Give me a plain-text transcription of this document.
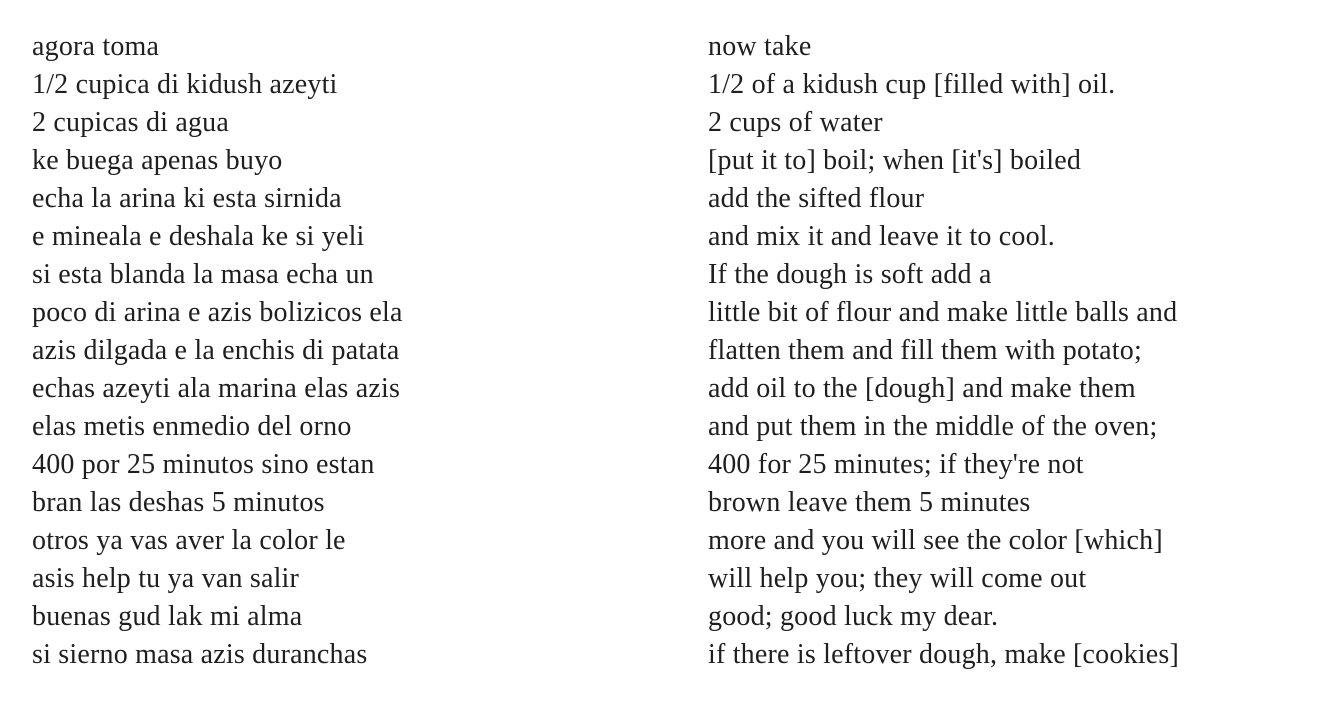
agora toma
1/2 cupica di kidush azeyti
2 cupicas di agua
ke buega apenas buyo
echa la arina ki esta sirnida
e mineala e deshala ke si yeli
si esta blanda la masa echa un
poco di arina e azis bolizicos ela
azis dilgada e la enchis di patata
echas azeyti ala marina elas azis
elas metis enmedio del orno
400 por 25 minutos sino estan
bran las deshas 5 minutos
otros ya vas aver la color le
asis help tu ya van salir
buenas gud lak mi alma
si sierno masa azis duranchas
now take
1/2 of a kidush cup [filled with] oil.
2 cups of water
[put it to] boil; when [it's] boiled
add the sifted flour
and mix it and leave it to cool.
If the dough is soft add a
little bit of flour and make little balls and
flatten them and fill them with potato;
add oil to the [dough] and make them
and put them in the middle of the oven;
400 for 25 minutes; if they're not
brown leave them 5 minutes
more and you will see the color [which]
will help you; they will come out
good; good luck my dear.
if there is leftover dough, make [cookies]
